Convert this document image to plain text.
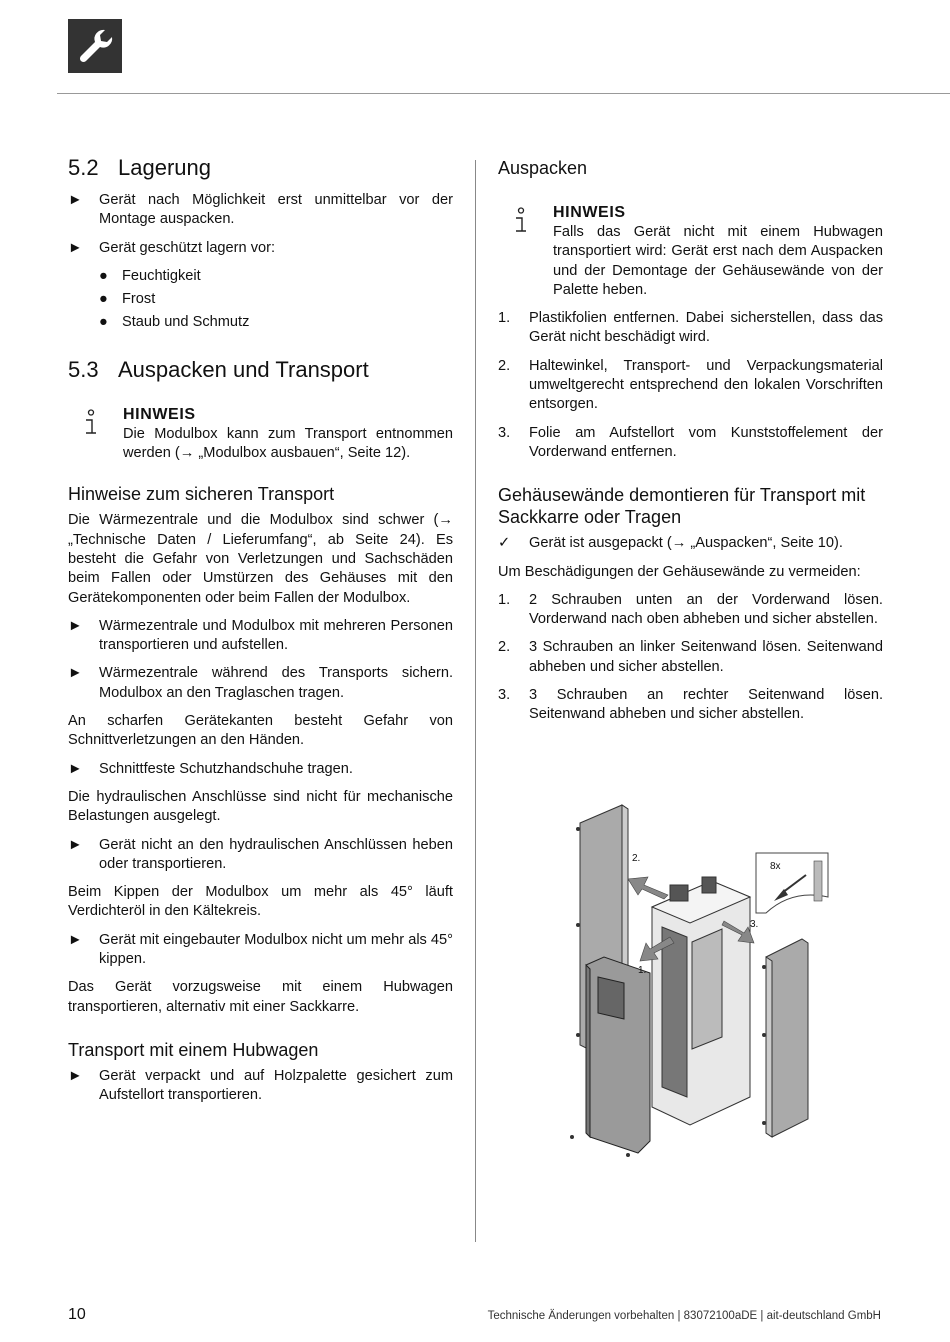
5.2 Lagerung
► Gerät nach Möglichkeit erst unmittelbar vor der Montage auspacken.
► Gerät geschützt lagern vor:
● Feuchtigkeit
● Frost
● Staub und Schmutz
5.3 Auspacken und Transport
HINWEIS

Die Modulbox kann zum Transport entnommen werden (→ „Modulbox ausbauen“, Seite 12).

Hinweise zum sicheren Transport

Die Wärmezentrale und die Modulbox sind schwer (→ „Technische Daten / Lieferumfang“, ab Seite 24). Es besteht die Gefahr von Verletzungen und Sachschäden beim Fallen oder Umstürzen des Gehäuses mit den Gerätekomponenten oder beim Fallen der Modulbox.

► Wärmezentrale und Modulbox mit mehreren Personen transportieren und aufstellen.
► Wärmezentrale während des Transports sichern. Modulbox an den Traglaschen tragen.

An scharfen Gerätekanten besteht Gefahr von Schnittverletzungen an den Händen.

► Schnittfeste Schutzhandschuhe tragen.

Die hydraulischen Anschlüsse sind nicht für mechanische Belastungen ausgelegt.

► Gerät nicht an den hydraulischen Anschlüssen heben oder transportieren.

Beim Kippen der Modulbox um mehr als 45° läuft Verdichteröl in den Kältekreis.

► Gerät mit eingebauter Modulbox nicht um mehr als 45° kippen.

Das Gerät vorzugsweise mit einem Hubwagen transportieren, alternativ mit einer Sackkarre.

Transport mit einem Hubwagen
► Gerät verpackt und auf Holzpalette gesichert zum Aufstellort transportieren.
Auspacken
HINWEIS

Falls das Gerät nicht mit einem Hubwagen transportiert wird: Gerät erst nach dem Auspacken und der Demontage der Gehäusewände von der Palette heben.

1. Plastikfolien entfernen. Dabei sicherstellen, dass das Gerät nicht beschädigt wird.
2. Haltewinkel, Transport- und Verpackungsmaterial umweltgerecht entsprechend den lokalen Vorschriften entsorgen.
3. Folie am Aufstellort vom Kunststoffelement der Vorderwand entfernen.
Gehäusewände demontieren für Transport mit Sackkarre oder Tragen
✓ Gerät ist ausgepackt (→ „Auspacken“, Seite 10).

Um Beschädigungen der Gehäusewände zu vermeiden:

1. 2 Schrauben unten an der Vorderwand lösen. Vorderwand nach oben abheben und sicher abstellen.
2. 3 Schrauben an linker Seitenwand lösen. Seitenwand abheben und sicher abstellen.
3. 3 Schrauben an rechter Seitenwand lösen. Seitenwand abheben und sicher abstellen.
1.
2.
3.
8x
10	Technische Änderungen vorbehalten | 83072100aDE | ait-deutschland GmbH
